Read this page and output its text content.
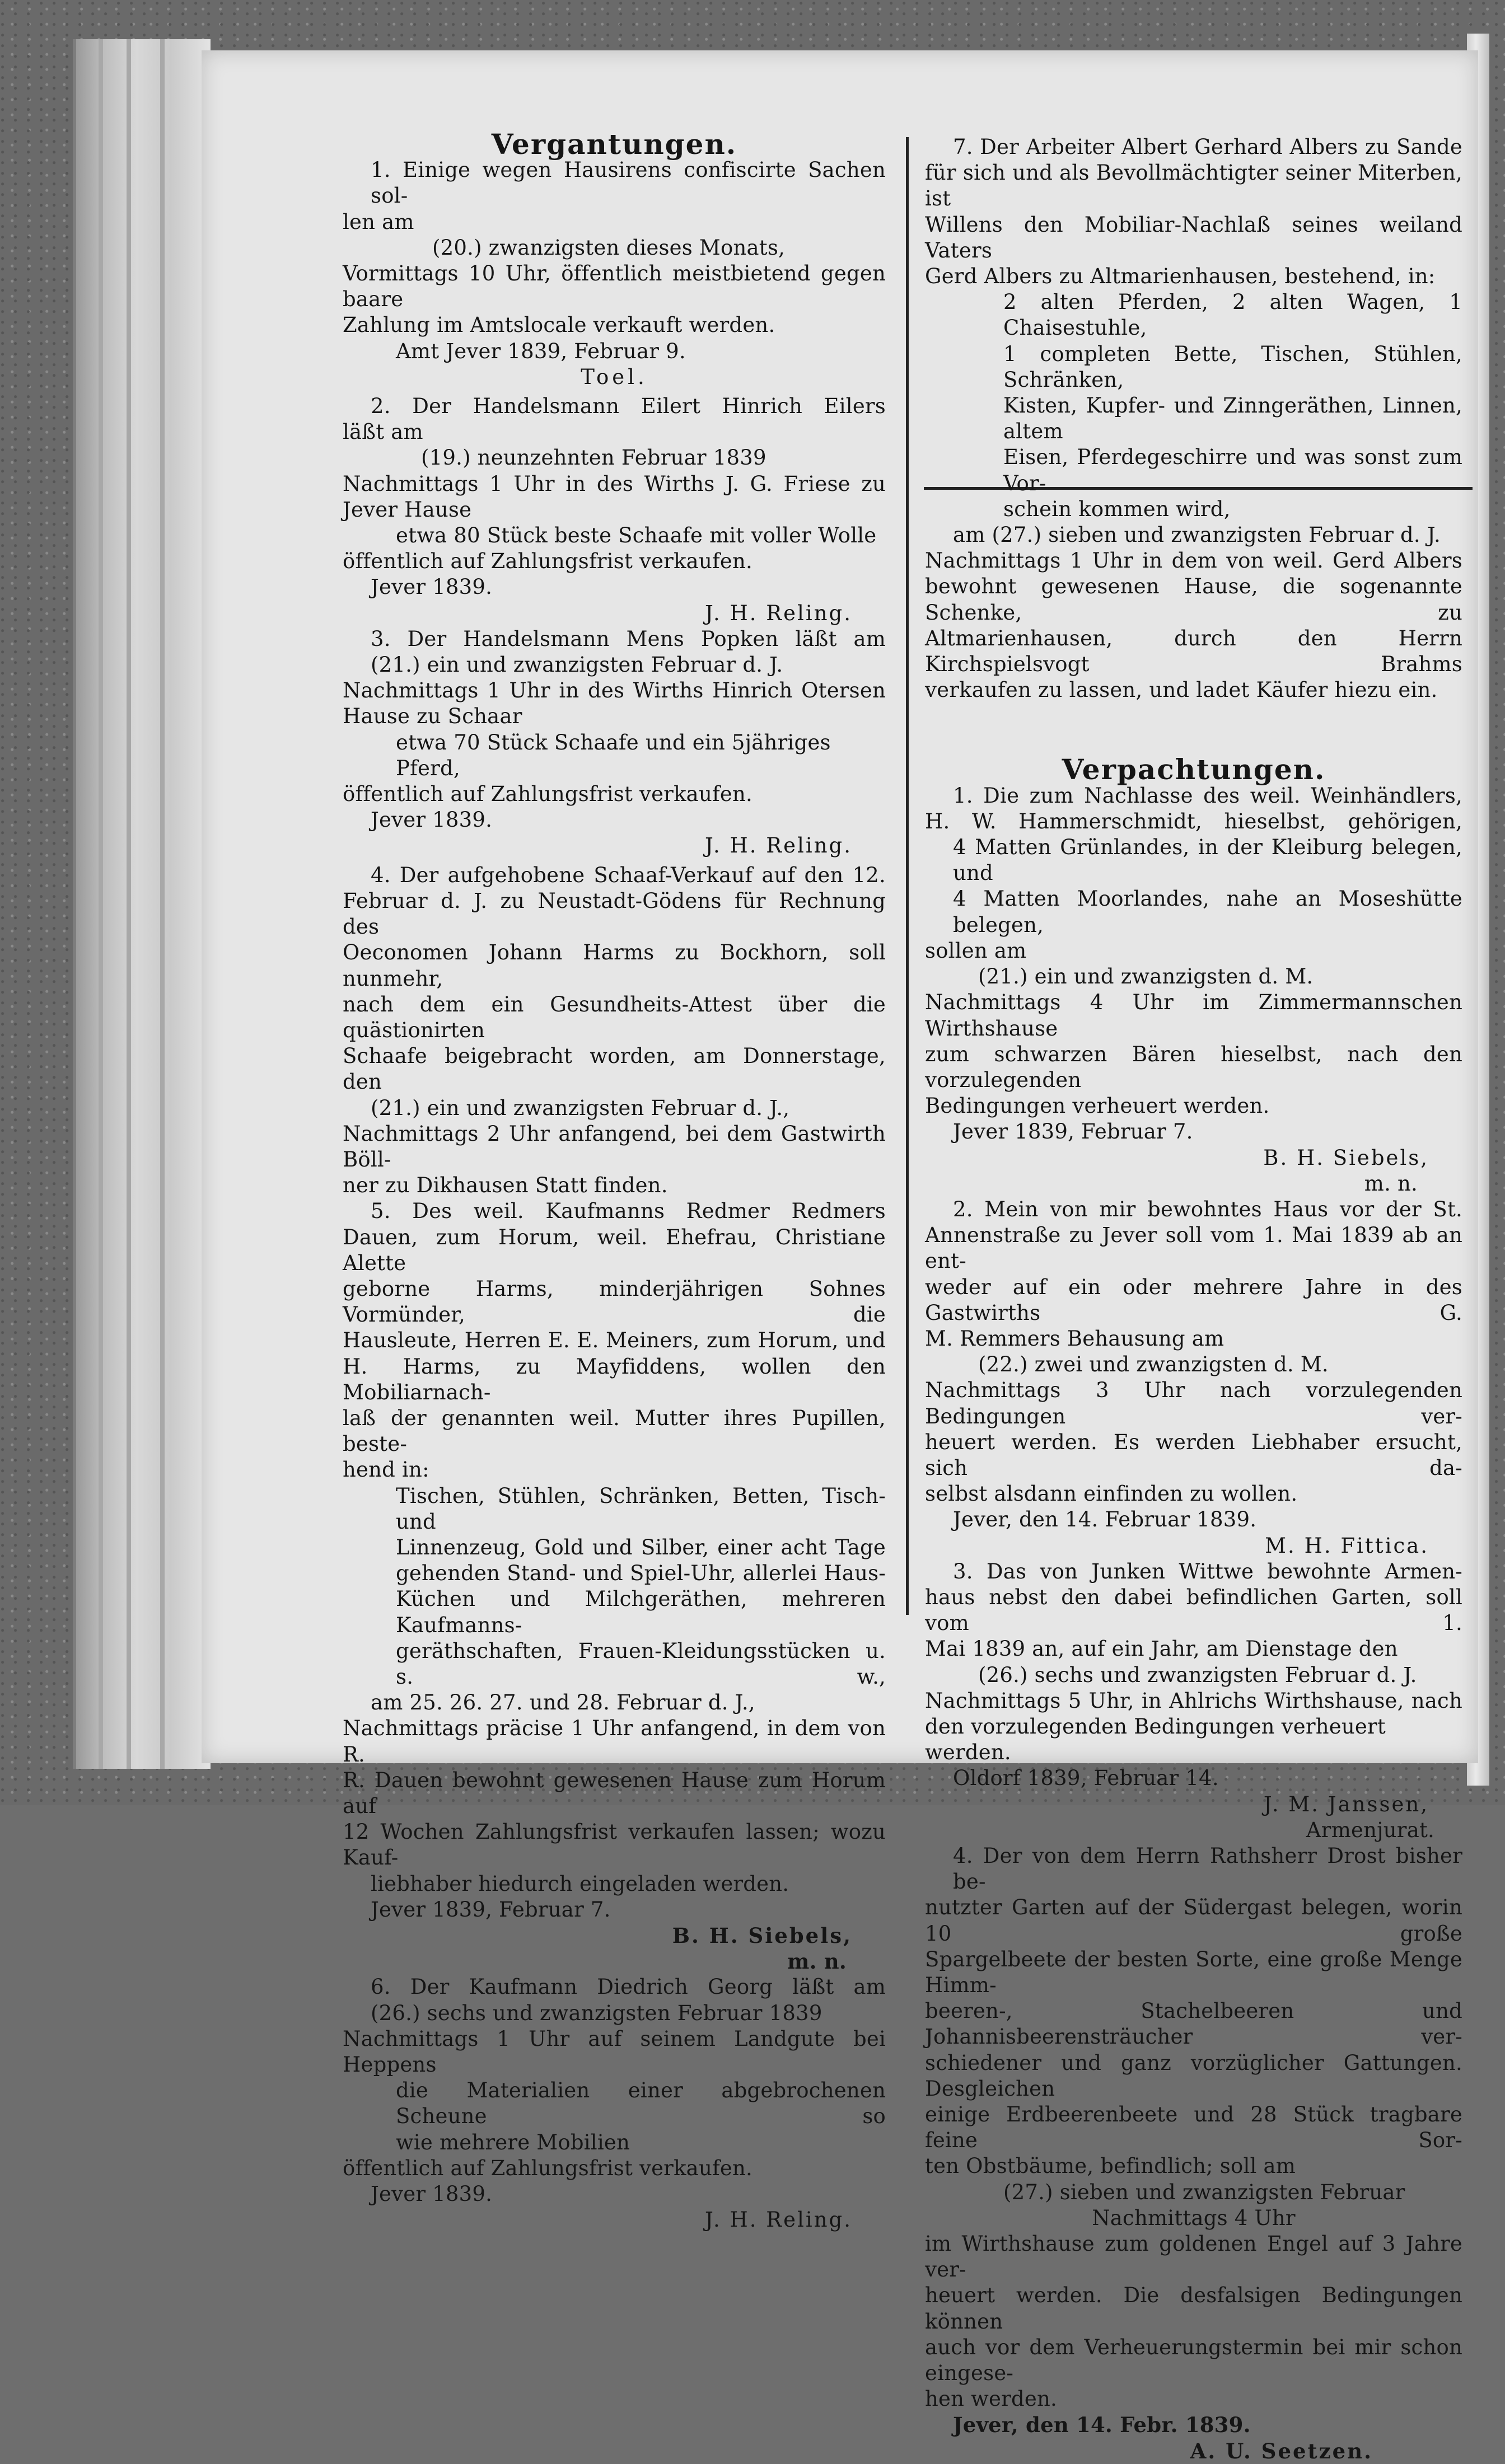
Vergantungen.

1. Einige wegen Hausirens confiscirte Sachen sol-

len am

(20.) zwanzigsten dieses Monats,

Vormittags 10 Uhr, öffentlich meistbietend gegen baare

Zahlung im Amtslocale verkauft werden.

Amt Jever 1839, Februar 9.

Toel.

2. Der Handelsmann Eilert Hinrich Eilers

läßt am

(19.) neunzehnten Februar 1839

Nachmittags 1 Uhr in des Wirths J. G. Friese zu

Jever Hause

etwa 80 Stück beste Schaafe mit voller Wolle

öffentlich auf Zahlungsfrist verkaufen.

Jever 1839.

J. H. Reling.

3. Der Handelsmann Mens Popken läßt am

(21.) ein und zwanzigsten Februar d. J.

Nachmittags 1 Uhr in des Wirths Hinrich Otersen

Hause zu Schaar

etwa 70 Stück Schaafe und ein 5jähriges Pferd,

öffentlich auf Zahlungsfrist verkaufen.

Jever 1839.

J. H. Reling.

4. Der aufgehobene Schaaf-Verkauf auf den 12.

Februar d. J. zu Neustadt-Gödens für Rechnung des

Oeconomen Johann Harms zu Bockhorn, soll nunmehr,

nach dem ein Gesundheits-Attest über die quästionirten

Schaafe beigebracht worden, am Donnerstage, den

(21.) ein und zwanzigsten Februar d. J.,

Nachmittags 2 Uhr anfangend, bei dem Gastwirth Böll-

ner zu Dikhausen Statt finden.

5. Des weil. Kaufmanns Redmer Redmers

Dauen, zum Horum, weil. Ehefrau, Christiane Alette

geborne Harms, minderjährigen Sohnes Vormünder, die

Hausleute, Herren E. E. Meiners, zum Horum, und

H. Harms, zu Mayfiddens, wollen den Mobiliarnach-

laß der genannten weil. Mutter ihres Pupillen, beste-

hend in:

Tischen, Stühlen, Schränken, Betten, Tisch- und

Linnenzeug, Gold und Silber, einer acht Tage

gehenden Stand- und Spiel-Uhr, allerlei Haus-

Küchen und Milchgeräthen, mehreren Kaufmanns-

geräthschaften, Frauen-Kleidungsstücken u. s. w.,

am 25. 26. 27. und 28. Februar d. J.,

Nachmittags präcise 1 Uhr anfangend, in dem von R.

R. Dauen bewohnt gewesenen Hause zum Horum auf

12 Wochen Zahlungsfrist verkaufen lassen; wozu Kauf-

liebhaber hiedurch eingeladen werden.

Jever 1839, Februar 7.

B. H. Siebels,

m. n.

6. Der Kaufmann Diedrich Georg läßt am

(26.) sechs und zwanzigsten Februar 1839

Nachmittags 1 Uhr auf seinem Landgute bei Heppens

die Materialien einer abgebrochenen Scheune so

wie mehrere Mobilien

öffentlich auf Zahlungsfrist verkaufen.

Jever 1839.

J. H. Reling.

7. Der Arbeiter Albert Gerhard Albers zu Sande

für sich und als Bevollmächtigter seiner Miterben, ist

Willens den Mobiliar-Nachlaß seines weiland Vaters

Gerd Albers zu Altmarienhausen, bestehend, in:

2 alten Pferden, 2 alten Wagen, 1 Chaisestuhle,

1 completen Bette, Tischen, Stühlen, Schränken,

Kisten, Kupfer- und Zinngeräthen, Linnen, altem

Eisen, Pferdegeschirre und was sonst zum Vor-

schein kommen wird,

am (27.) sieben und zwanzigsten Februar d. J.

Nachmittags 1 Uhr in dem von weil. Gerd Albers

bewohnt gewesenen Hause, die sogenannte Schenke, zu

Altmarienhausen, durch den Herrn Kirchspielsvogt Brahms

verkaufen zu lassen, und ladet Käufer hiezu ein.

Verpachtungen.

1. Die zum Nachlasse des weil. Weinhändlers,

H. W. Hammerschmidt, hieselbst, gehörigen,

4 Matten Grünlandes, in der Kleiburg belegen, und

4 Matten Moorlandes, nahe an Moseshütte belegen,

sollen am

(21.) ein und zwanzigsten d. M.

Nachmittags 4 Uhr im Zimmermannschen Wirthshause

zum schwarzen Bären hieselbst, nach den vorzulegenden

Bedingungen verheuert werden.

Jever 1839, Februar 7.

B. H. Siebels,

m. n.

2. Mein von mir bewohntes Haus vor der St.

Annenstraße zu Jever soll vom 1. Mai 1839 ab an ent-

weder auf ein oder mehrere Jahre in des Gastwirths G.

M. Remmers Behausung am

(22.) zwei und zwanzigsten d. M.

Nachmittags 3 Uhr nach vorzulegenden Bedingungen ver-

heuert werden. Es werden Liebhaber ersucht, sich da-

selbst alsdann einfinden zu wollen.

Jever, den 14. Februar 1839.

M. H. Fittica.

3. Das von Junken Wittwe bewohnte Armen-

haus nebst den dabei befindlichen Garten, soll vom 1.

Mai 1839 an, auf ein Jahr, am Dienstage den

(26.) sechs und zwanzigsten Februar d. J.

Nachmittags 5 Uhr, in Ahlrichs Wirthshause, nach

den vorzulegenden Bedingungen verheuert werden.

Oldorf 1839, Februar 14.

J. M. Janssen,

Armenjurat.

4. Der von dem Herrn Rathsherr Drost bisher be-

nutzter Garten auf der Südergast belegen, worin 10 große

Spargelbeete der besten Sorte, eine große Menge Himm-

beeren-, Stachelbeeren und Johannisbeerensträucher ver-

schiedener und ganz vorzüglicher Gattungen. Desgleichen

einige Erdbeerenbeete und 28 Stück tragbare feine Sor-

ten Obstbäume, befindlich; soll am

(27.) sieben und zwanzigsten Februar

Nachmittags 4 Uhr

im Wirthshause zum goldenen Engel auf 3 Jahre ver-

heuert werden. Die desfalsigen Bedingungen können

auch vor dem Verheuerungstermin bei mir schon eingese-

hen werden.

Jever, den 14. Febr. 1839.

A. U. Seetzen.
